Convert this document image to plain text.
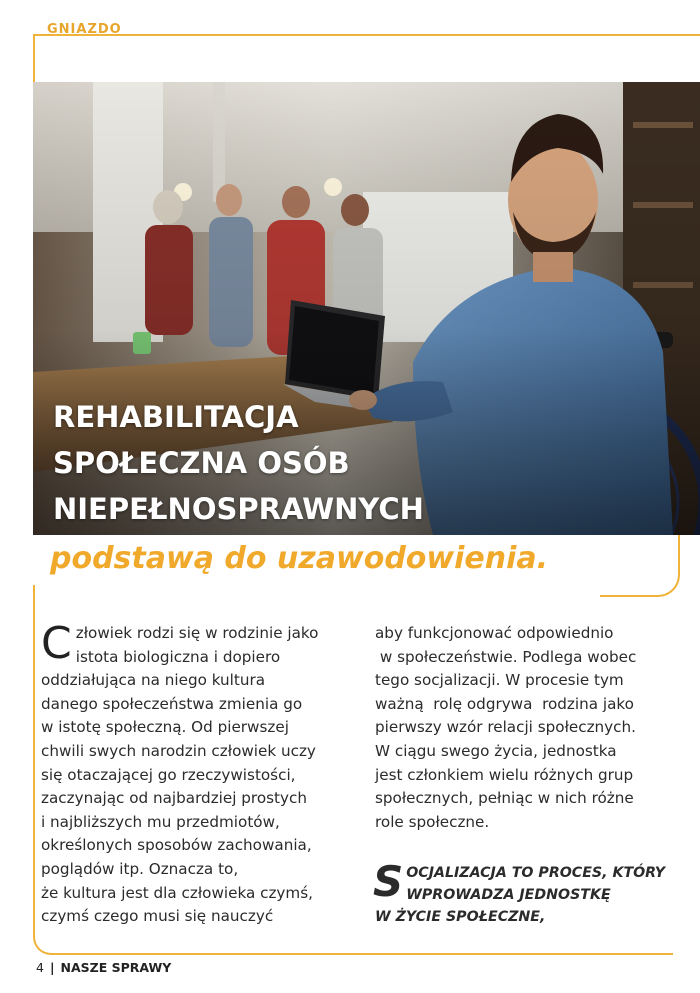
GNIAZDO
REHABILITACJA
SPOŁECZNA OSÓB
NIEPEŁNOSPRAWNYCH
podstawą do uzawodowienia.
C złowiek rodzi się w rodzinie jako
istota biologiczna i dopiero
oddziałująca na niego kultura
danego społeczeństwa zmienia go
w istotę społeczną. Od pierwszej
chwili swych narodzin człowiek uczy
się otaczającej go rzeczywistości,
zaczynając od najbardziej prostych
i najbliższych mu przedmiotów,
określonych sposobów zachowania,
poglądów itp. Oznacza to,
że kultura jest dla człowieka czymś,
czymś czego musi się nauczyć
aby funkcjonować odpowiednio
w społeczeństwie. Podlega wobec
tego socjalizacji. W procesie tym
ważną  rolę odgrywa  rodzina jako
pierwszy wzór relacji społecznych.
W ciągu swego życia, jednostka
jest członkiem wielu różnych grup
społecznych, pełniąc w nich różne
role społeczne.
S OCJALIZACJA TO PROCES, KTÓRY
WPROWADZA JEDNOSTKĘ
W ŻYCIE SPOŁECZNE,
4 | NASZE SPRAWY
